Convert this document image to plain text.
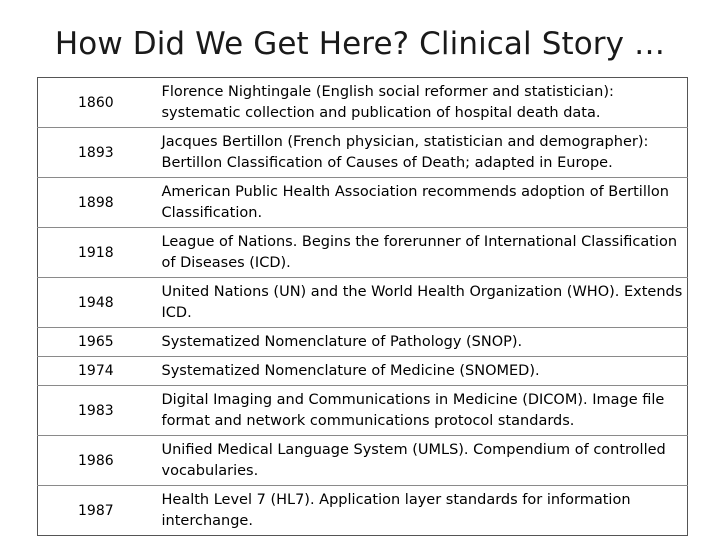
How Did We Get Here? Clinical Story …
1860	Florence Nightingale (English social reformer and statistician): systematic collection and publication of hospital death data.
1893	Jacques Bertillon (French physician, statistician and demographer): Bertillon Classification of Causes of Death; adapted in Europe.
1898	American Public Health Association recommends adoption of Bertillon Classification.
1918	League of Nations. Begins the forerunner of International Classification of Diseases (ICD).
1948	United Nations (UN) and the World Health Organization (WHO). Extends ICD.
1965	Systematized Nomenclature of Pathology (SNOP).
1974	Systematized Nomenclature of Medicine (SNOMED).
1983	Digital Imaging and Communications in Medicine (DICOM). Image file format and network communications protocol standards.
1986	Unified Medical Language System (UMLS). Compendium of controlled vocabularies.
1987	Health Level 7 (HL7). Application layer standards for information interchange.
